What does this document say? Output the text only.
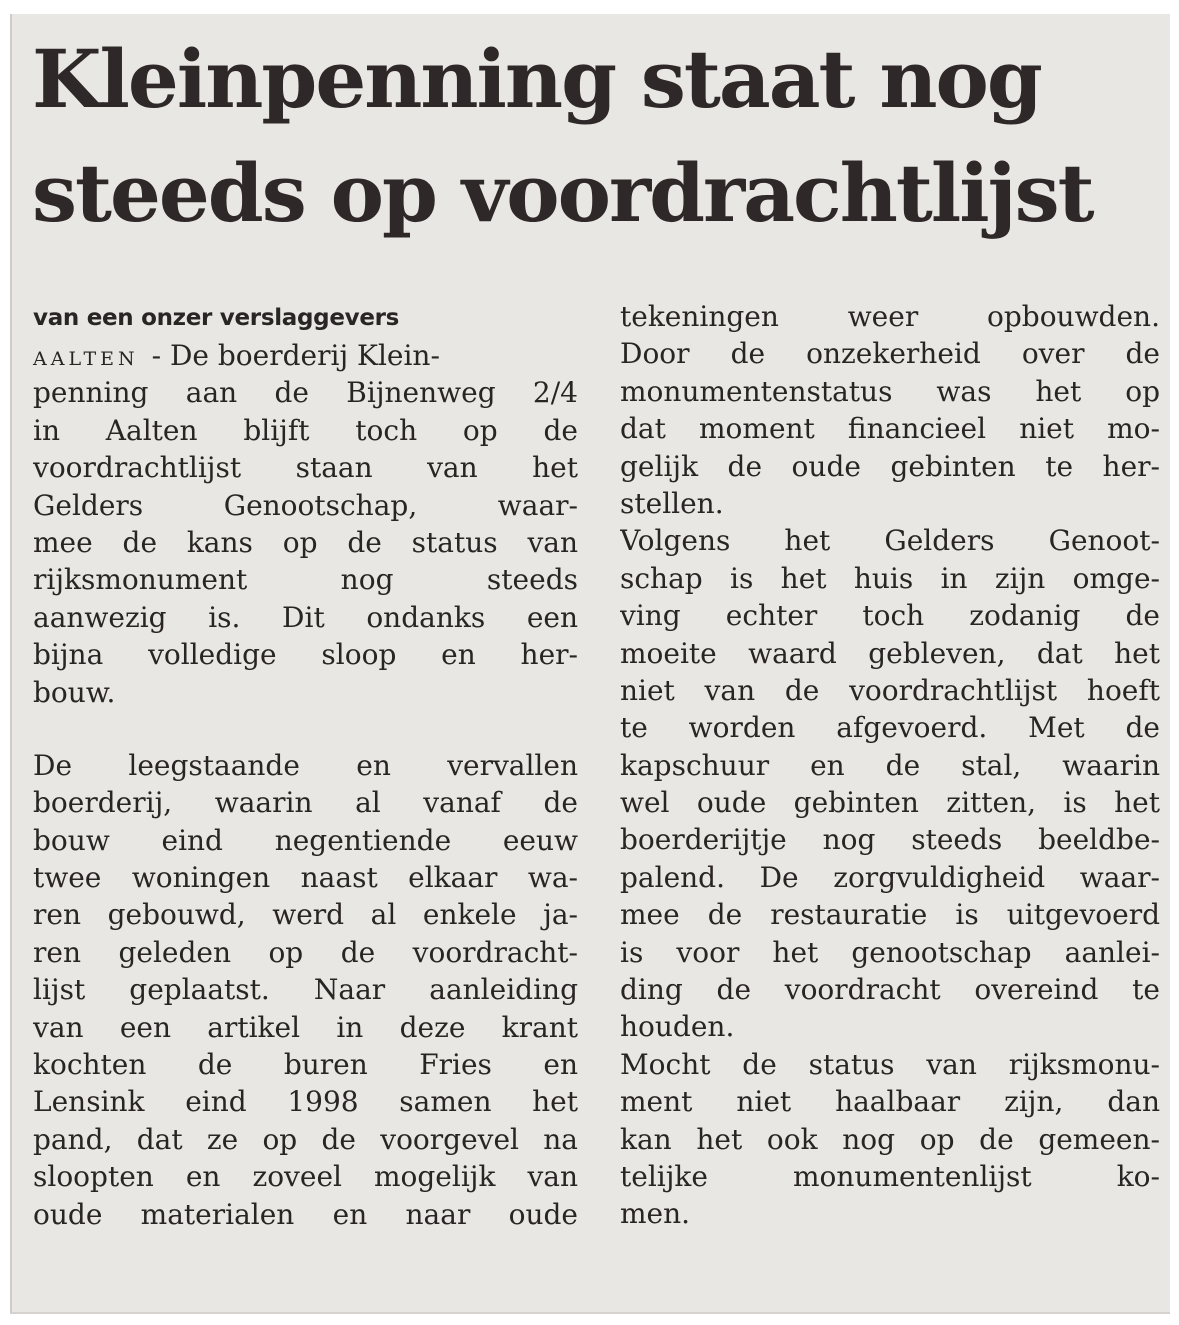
Kleinpenning staat nog
steeds op voordrachtlijst
van een onzer verslaggevers
AALTEN - De boerderij Klein-
penning aan de Bijnenweg 2/4
in Aalten blijft toch op de
voordrachtlijst staan van het
Gelders Genootschap, waar-
mee de kans op de status van
rijksmonument nog steeds
aanwezig is. Dit ondanks een
bijna volledige sloop en her-
bouw.
De leegstaande en vervallen
boerderij, waarin al vanaf de
bouw eind negentiende eeuw
twee woningen naast elkaar wa-
ren gebouwd, werd al enkele ja-
ren geleden op de voordracht-
lijst geplaatst. Naar aanleiding
van een artikel in deze krant
kochten de buren Fries en
Lensink eind 1998 samen het
pand, dat ze op de voorgevel na
sloopten en zoveel mogelijk van
oude materialen en naar oude
tekeningen weer opbouwden.
Door de onzekerheid over de
monumentenstatus was het op
dat moment financieel niet mo-
gelijk de oude gebinten te her-
stellen.
Volgens het Gelders Genoot-
schap is het huis in zijn omge-
ving echter toch zodanig de
moeite waard gebleven, dat het
niet van de voordrachtlijst hoeft
te worden afgevoerd. Met de
kapschuur en de stal, waarin
wel oude gebinten zitten, is het
boerderijtje nog steeds beeldbe-
palend. De zorgvuldigheid waar-
mee de restauratie is uitgevoerd
is voor het genootschap aanlei-
ding de voordracht overeind te
houden.
Mocht de status van rijksmonu-
ment niet haalbaar zijn, dan
kan het ook nog op de gemeen-
telijke monumentenlijst ko-
men.
